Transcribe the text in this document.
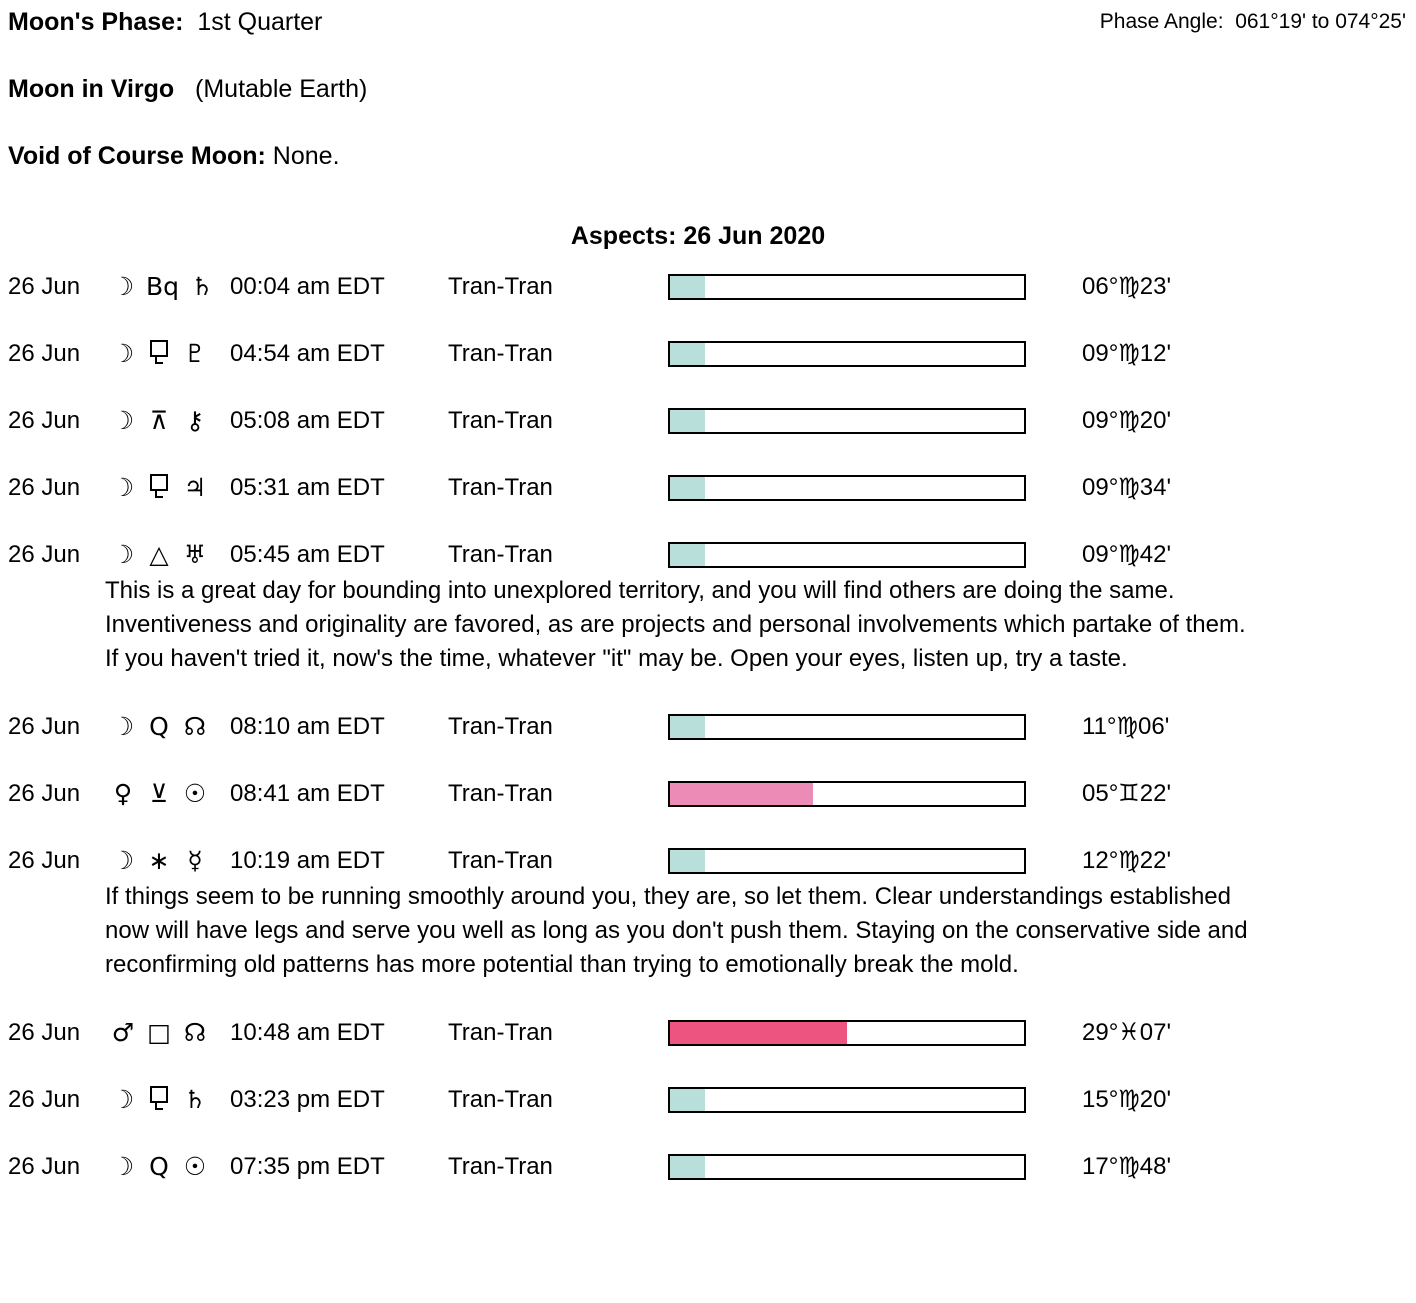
Phase Angle: 061°19' to 074°25'
Moon's Phase: 1st Quarter
Moon in Virgo (Mutable Earth)
Void of Course Moon: None.
Aspects: 26 Jun 2020
26 Jun	☽ Bq ♄ 00:04 am EDT	Tran-Tran	06°♍23'
26 Jun	☽ ♇ 04:54 am EDT	Tran-Tran	09°♍12'
26 Jun	☽ ⊼ ⚷ 05:08 am EDT	Tran-Tran	09°♍20'
26 Jun	☽ ♃ 05:31 am EDT	Tran-Tran	09°♍34'
26 Jun	☽ △ ♅ 05:45 am EDT	Tran-Tran	09°♍42'
This is a great day for bounding into unexplored territory, and you will find others are doing the same. Inventiveness and originality are favored, as are projects and personal involvements which partake of them. If you haven't tried it, now's the time, whatever "it" may be. Open your eyes, listen up, try a taste.
26 Jun	☽ Q ☊ 08:10 am EDT	Tran-Tran	11°♍06'
26 Jun	♀ ⊻ ☉ 08:41 am EDT	Tran-Tran	05°♊22'
26 Jun	☽ ∗ ☿ 10:19 am EDT	Tran-Tran	12°♍22'
If things seem to be running smoothly around you, they are, so let them. Clear understandings established now will have legs and serve you well as long as you don't push them. Staying on the conservative side and reconfirming old patterns has more potential than trying to emotionally break the mold.
26 Jun	♂ □ ☊ 10:48 am EDT	Tran-Tran	29°♓07'
26 Jun	☽ ♄ 03:23 pm EDT	Tran-Tran	15°♍20'
26 Jun	☽ Q ☉ 07:35 pm EDT	Tran-Tran	17°♍48'
